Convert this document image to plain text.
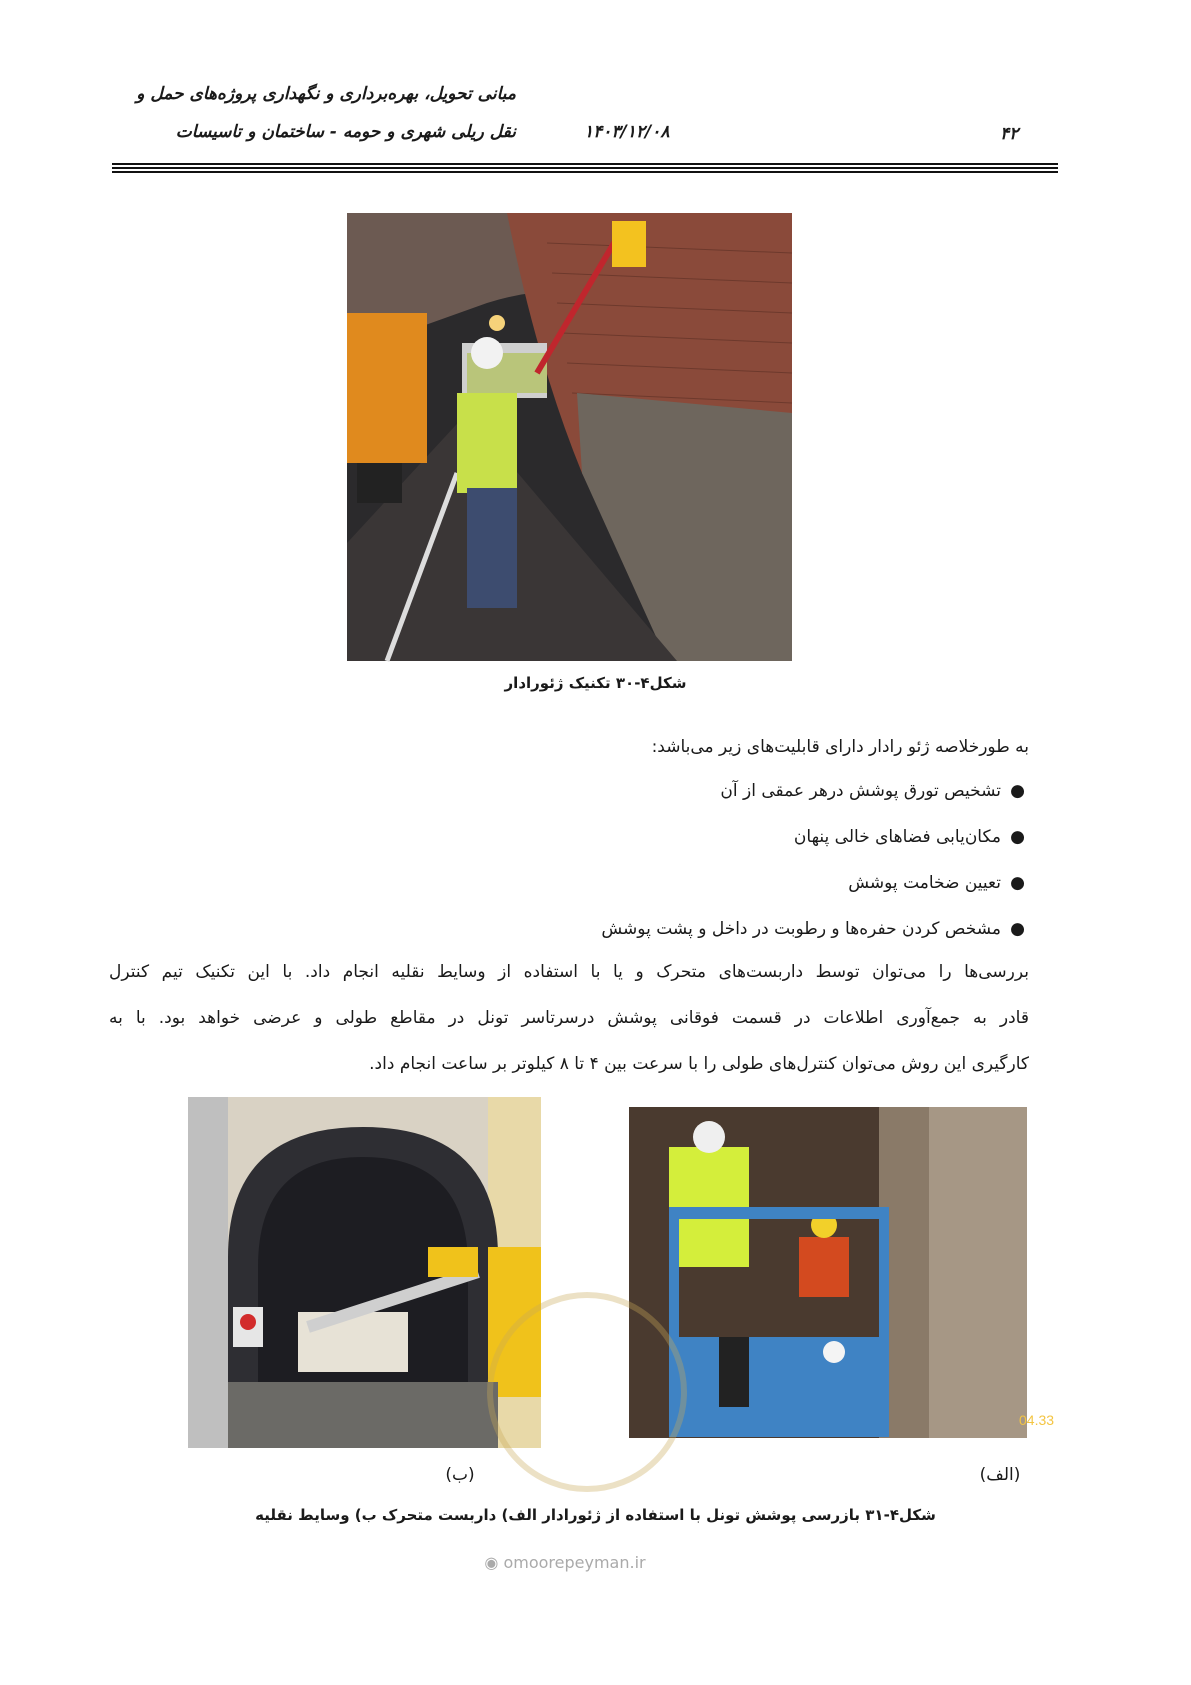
مبانی تحویل، بهره‌برداری و نگهداری پروژه‌های حمل و
نقل ریلی شهری و حومه - ساختمان و تاسیسات	۱۴۰۳/۱۲/۰۸	۴۲
شکل۴-۳۰ تکنیک ژئورادار
به طورخلاصه ژئو رادار دارای قابلیت‌های زیر می‌باشد:
●
تشخیص تورق پوشش درهر عمقی از آن
●
مکان‌یابی فضاهای خالی پنهان
●
تعیین ضخامت پوشش
●
مشخص کردن حفره‌ها و رطوبت در داخل و پشت پوشش
بررسی‌ها را می‌توان توسط داربست‌های متحرک و یا با استفاده از وسایط نقلیه انجام داد. با این تکنیک تیم کنترل
قادر به جمع‌آوری اطلاعات در قسمت فوقانی پوشش درسرتاسر تونل در مقاطع طولی و عرضی خواهد بود. با به
کارگیری این روش می‌توان کنترل‌های طولی را با سرعت بین ۴ تا ۸ کیلوتر بر ساعت انجام داد.
04.33
(ب)	(الف)
شکل۴-۳۱ بازرسی پوشش تونل با استفاده از ژئورادار الف) داربست متحرک ب) وسایط نقلیه
◉ omoorepeyman.ir
